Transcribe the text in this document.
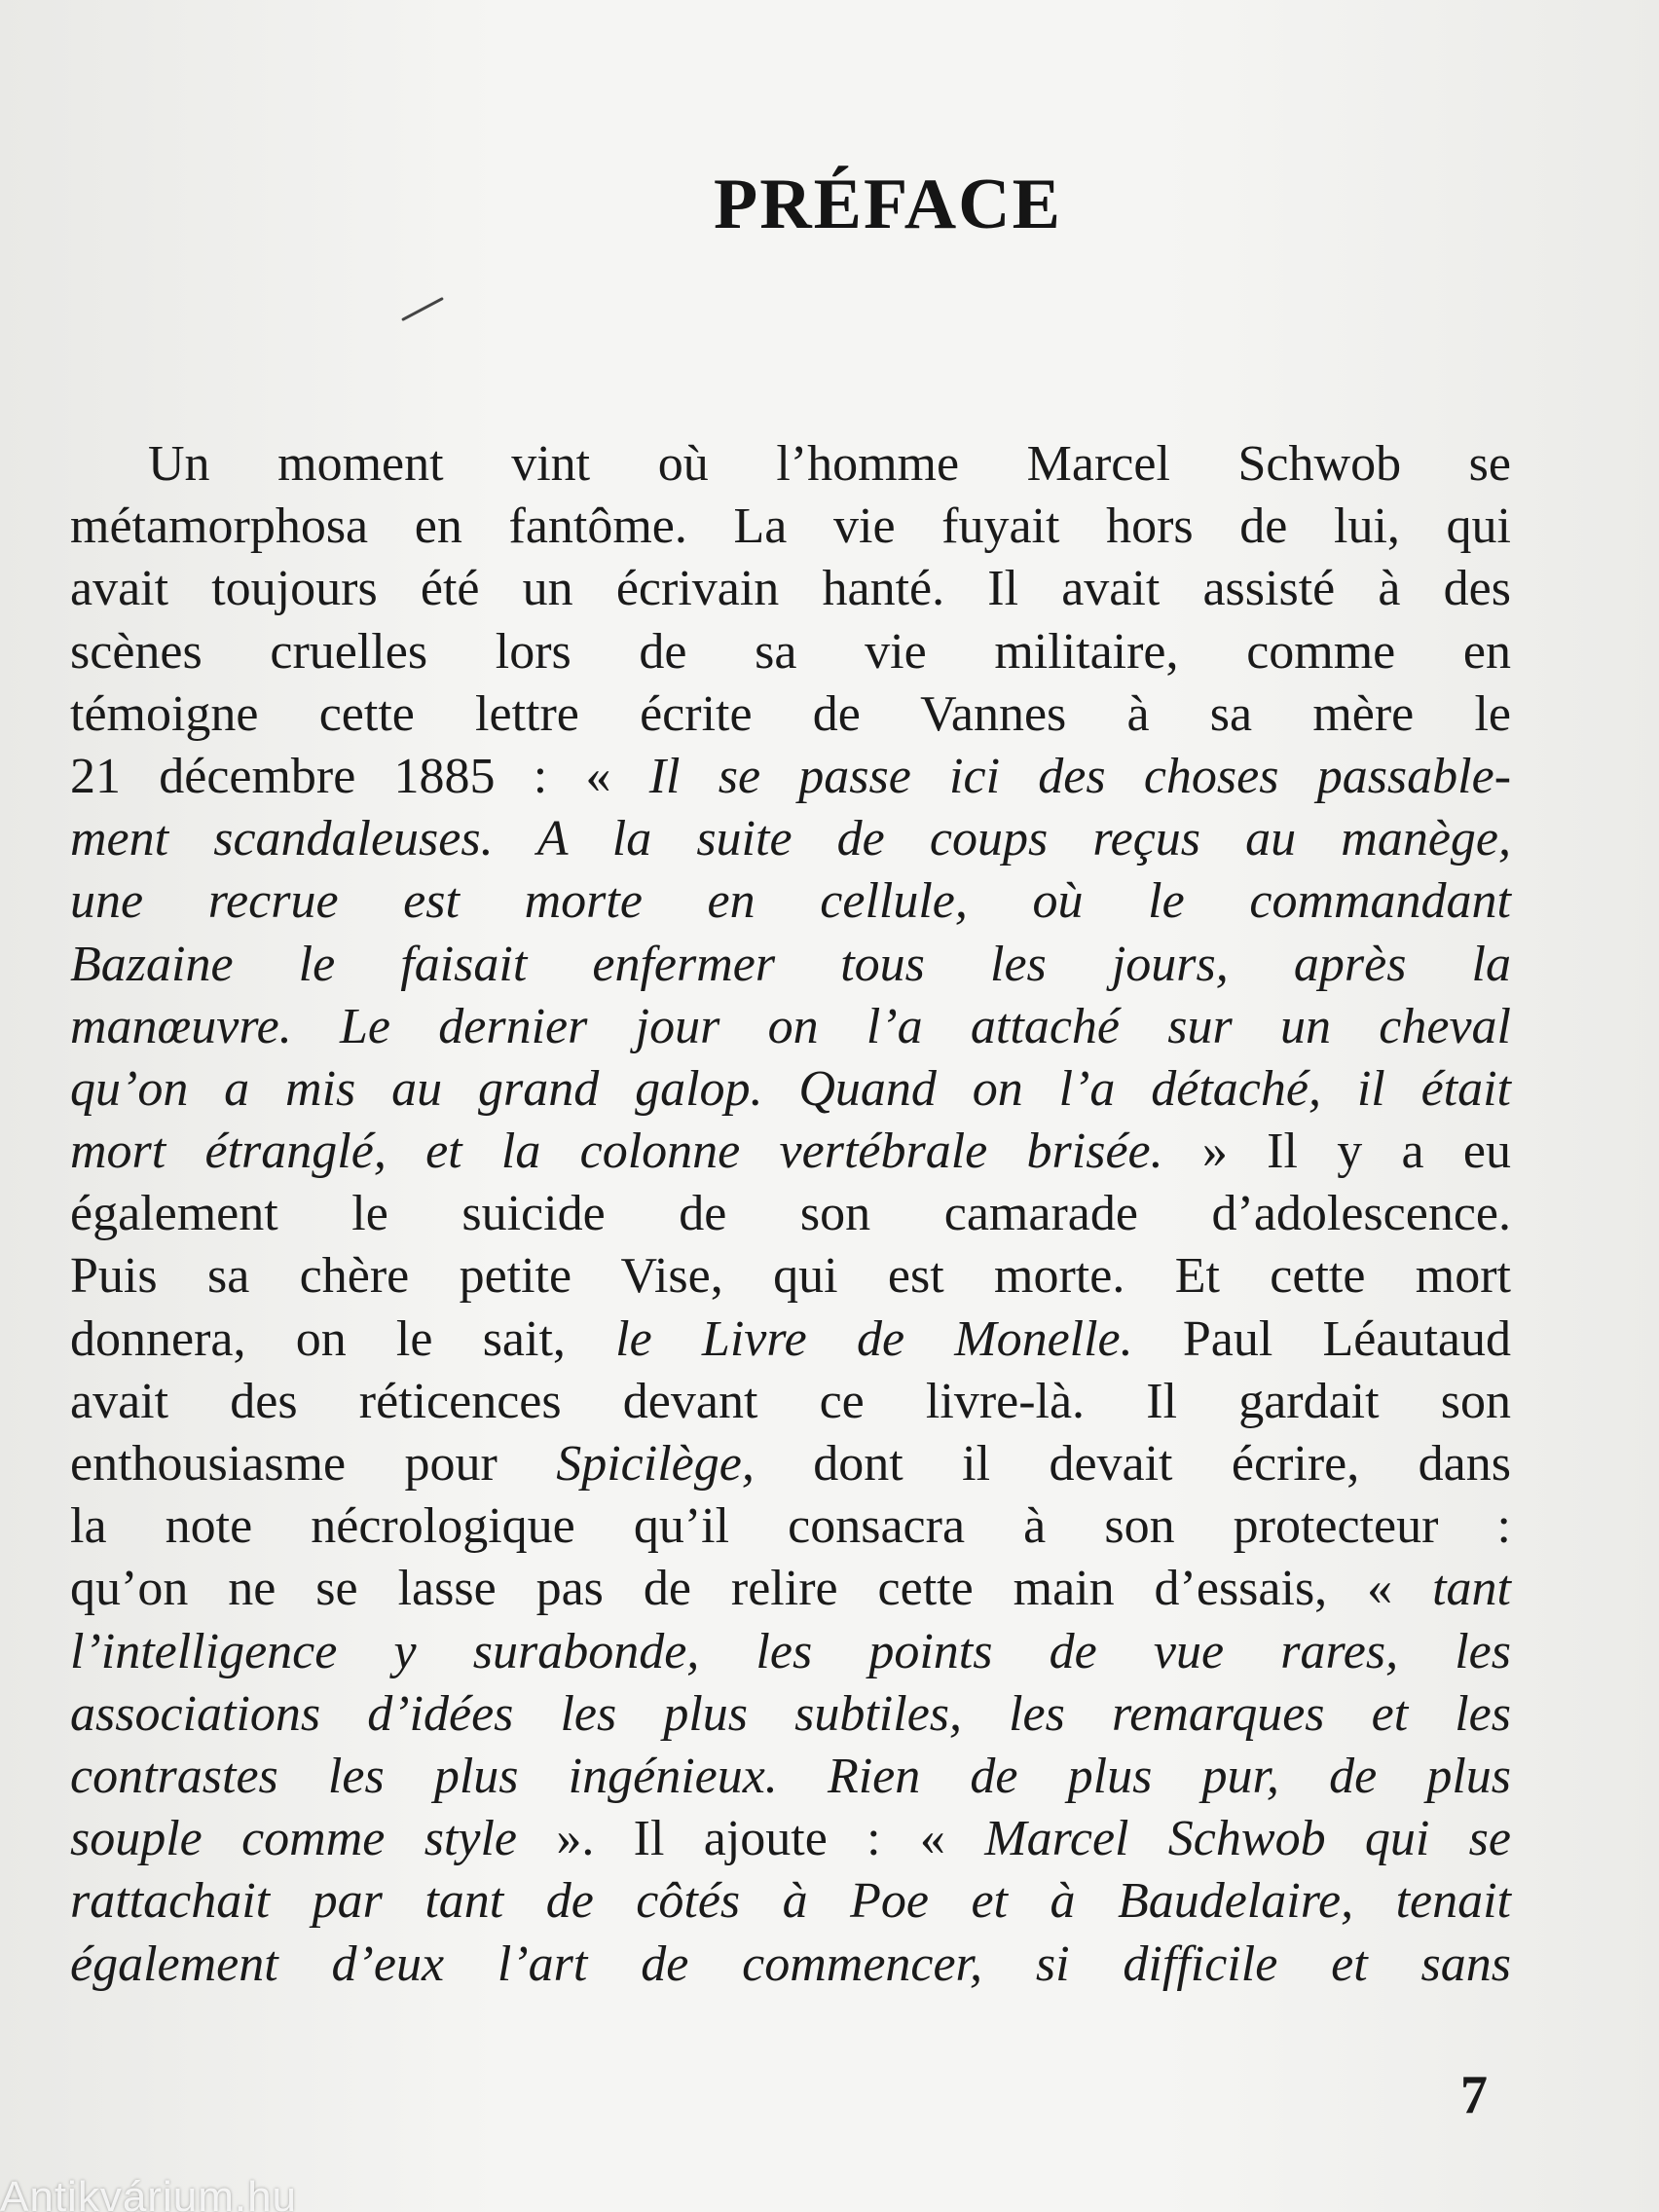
PRÉFACE
Un moment vint où l’homme Marcel Schwob se
métamorphosa en fantôme. La vie fuyait hors de lui, qui
avait toujours été un écrivain hanté. Il avait assisté à des
scènes cruelles lors de sa vie militaire, comme en
témoigne cette lettre écrite de Vannes à sa mère le
21 décembre 1885 : « Il se passe ici des choses passable-
ment scandaleuses. A la suite de coups reçus au manège,
une recrue est morte en cellule, où le commandant
Bazaine le faisait enfermer tous les jours, après la
manœuvre. Le dernier jour on l’a attaché sur un cheval
qu’on a mis au grand galop. Quand on l’a détaché, il était
mort étranglé, et la colonne vertébrale brisée. » Il y a eu
également le suicide de son camarade d’adolescence.
Puis sa chère petite Vise, qui est morte. Et cette mort
donnera, on le sait, le Livre de Monelle. Paul Léautaud
avait des réticences devant ce livre-là. Il gardait son
enthousiasme pour Spicilège, dont il devait écrire, dans
la note nécrologique qu’il consacra à son protecteur :
qu’on ne se lasse pas de relire cette main d’essais, « tant
l’intelligence y surabonde, les points de vue rares, les
associations d’idées les plus subtiles, les remarques et les
contrastes les plus ingénieux. Rien de plus pur, de plus
souple comme style ». Il ajoute : « Marcel Schwob qui se
rattachait par tant de côtés à Poe et à Baudelaire, tenait
également d’eux l’art de commencer, si difficile et sans
7
Antikvárium.hu
